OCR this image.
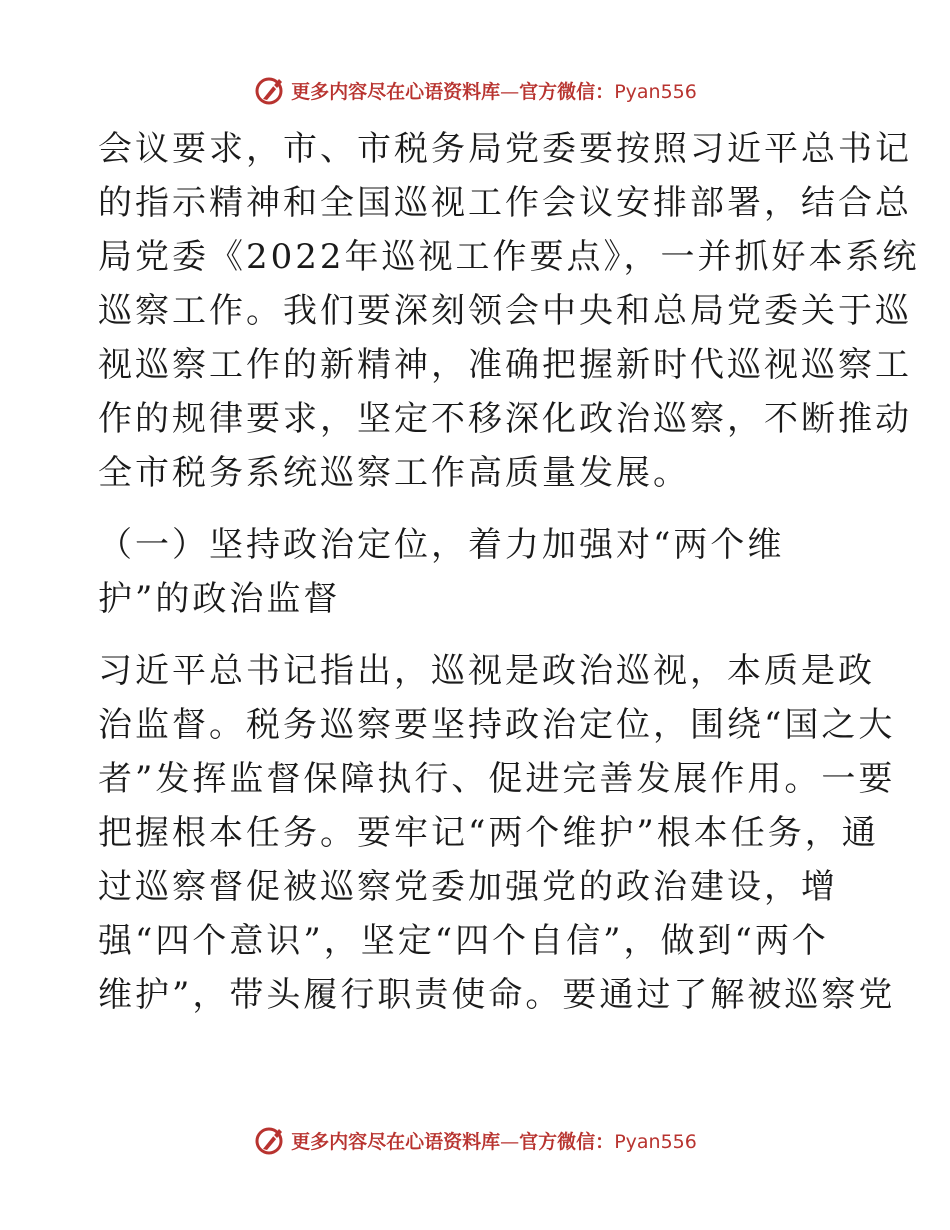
更多内容尽在心语资料库—官方微信：Pyan556
会议要求，市、市税务局党委要按照习近平总书记
的指示精神和全国巡视工作会议安排部署，结合总
局党委《2022年巡视工作要点》，一并抓好本系统
巡察工作。我们要深刻领会中央和总局党委关于巡
视巡察工作的新精神，准确把握新时代巡视巡察工
作的规律要求，坚定不移深化政治巡察，不断推动
全市税务系统巡察工作高质量发展。
（一）坚持政治定位，着力加强对“两个维
护”的政治监督
习近平总书记指出，巡视是政治巡视，本质是政
治监督。税务巡察要坚持政治定位，围绕“国之大
者”发挥监督保障执行、促进完善发展作用。一要
把握根本任务。要牢记“两个维护”根本任务，通
过巡察督促被巡察党委加强党的政治建设，增
强“四个意识”，坚定“四个自信”，做到“两个
维护”，带头履行职责使命。要通过了解被巡察党
更多内容尽在心语资料库—官方微信：Pyan556
